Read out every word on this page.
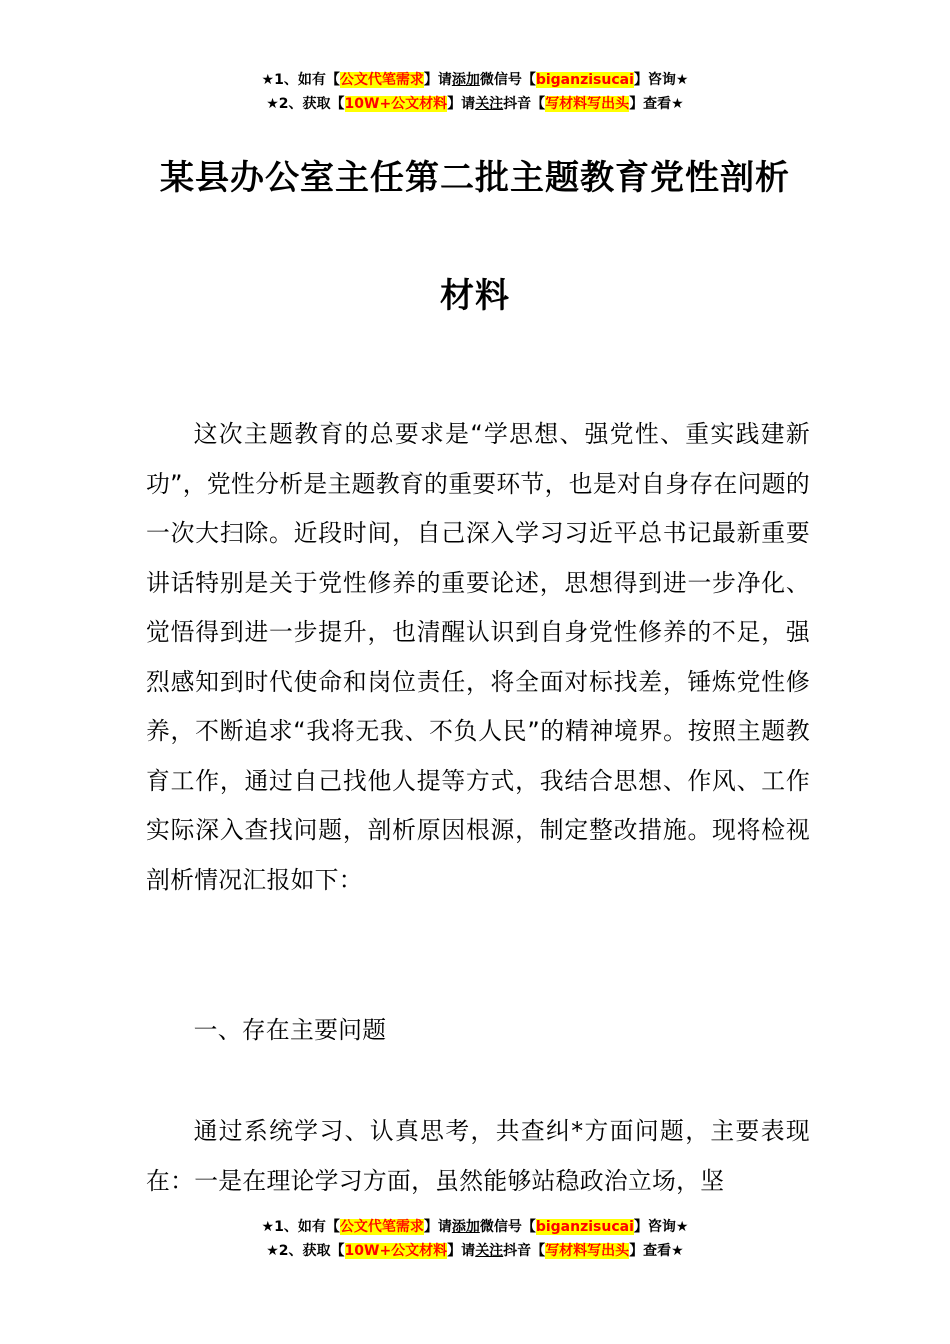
★1、如有【公文代笔需求】请添加微信号【biganzisucai】咨询★
★2、获取【10W+公文材料】请关注抖音【写材料写出头】查看★
某县办公室主任第二批主题教育党性剖析
材料
这次主题教育的总要求是“学思想、强党性、重实践建新功”，党性分析是主题教育的重要环节，也是对自身存在问题的一次大扫除。近段时间，自己深入学习习近平总书记最新重要讲话特别是关于党性修养的重要论述，思想得到进一步净化、觉悟得到进一步提升，也清醒认识到自身党性修养的不足，强烈感知到时代使命和岗位责任，将全面对标找差，锤炼党性修养，不断追求“我将无我、不负人民”的精神境界。按照主题教育工作，通过自己找他人提等方式，我结合思想、作风、工作实际深入查找问题，剖析原因根源，制定整改措施。现将检视剖析情况汇报如下：
一、存在主要问题
通过系统学习、认真思考，共查纠*方面问题，主要表现在：一是在理论学习方面，虽然能够站稳政治立场，坚
★1、如有【公文代笔需求】请添加微信号【biganzisucai】咨询★
★2、获取【10W+公文材料】请关注抖音【写材料写出头】查看★
